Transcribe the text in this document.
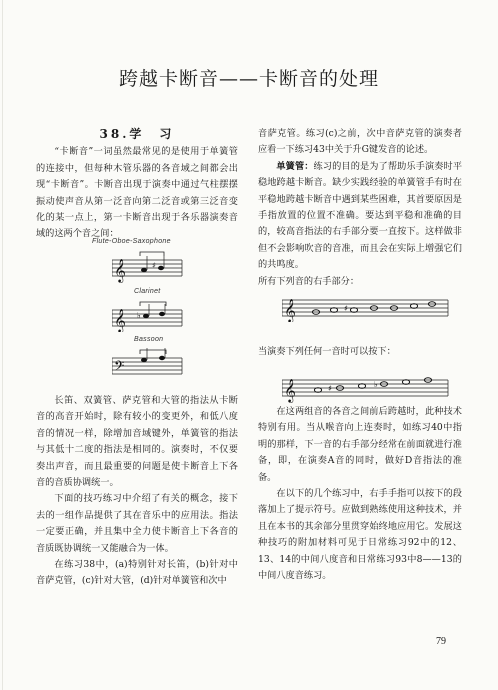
跨越卡断音——卡断音的处理

38.学　习

“卡断音”一词虽然最常见的是使用于单簧管的连接中，但每种木管乐器的各音域之间都会出现“卡断音”。卡断音出现于演奏中通过气柱摆摆振动使声音从第一泛音向第二泛音或第三泛音变化的某一点上，第一卡断音出现于各乐器演奏音域的这两个音之间：

Flute-Oboe-Saxophone
Clarinet
Bassoon
𝄞	♯
𝄞 ♭
𝄢

长笛、双簧管、萨克管和大管的指法从卡断音的高音开始时，除有较小的变更外，和低八度音的情况一样，除增加音域键外，单簧管的指法与其低十二度的指法是相同的。演奏时，不仅要奏出声音，而且最重要的问题是使卡断音上下各音的音质协调统一。

下面的技巧练习中介绍了有关的概念，接下去的一组作品提供了其在音乐中的应用法。指法一定要正确，并且集中全力使卡断音上下各音的音质既协调统一又能融合为一体。

在练习38中，(a)特别针对长笛，(b)针对中音萨克管，(c)针对大管，(d)针对单簧管和次中

音萨克管。练习(c)之前，次中音萨克管的演奏者应看一下练习43中关于升G键发音的论述。

单簧管：练习的目的是为了帮助乐手演奏时平稳地跨越卡断音。缺少实践经验的单簧管手有时在平稳地跨越卡断音中遇到某些困难，其首要原因是手指放置的位置不准确。要达到平稳和准确的目的，较高音指法的右手部分要一直按下。这样做非但不会影响吹音的音准，而且会在实际上增强它们的共鸣度。

所有下列音的右手部分：

𝄞	♯

当演奏下列任何一音时可以按下：

𝄞	♯	♭

在这两组音的各音之间前后跨越时，此种技术特别有用。当从喉音向上连奏时，如练习40中指明的那样，下一音的右手部分经常在前面就进行准备，即，在演奏A音的同时，做好D音指法的准备。

在以下的几个练习中，右手手指可以按下的段落加上了提示符号。应做到熟练使用这种技术，并且在本书的其余部分里贯穿始终地应用它。发展这种技巧的附加材料可见于日常练习92中的12、13、14的中间八度音和日常练习93中8——13的中间八度音练习。

79
